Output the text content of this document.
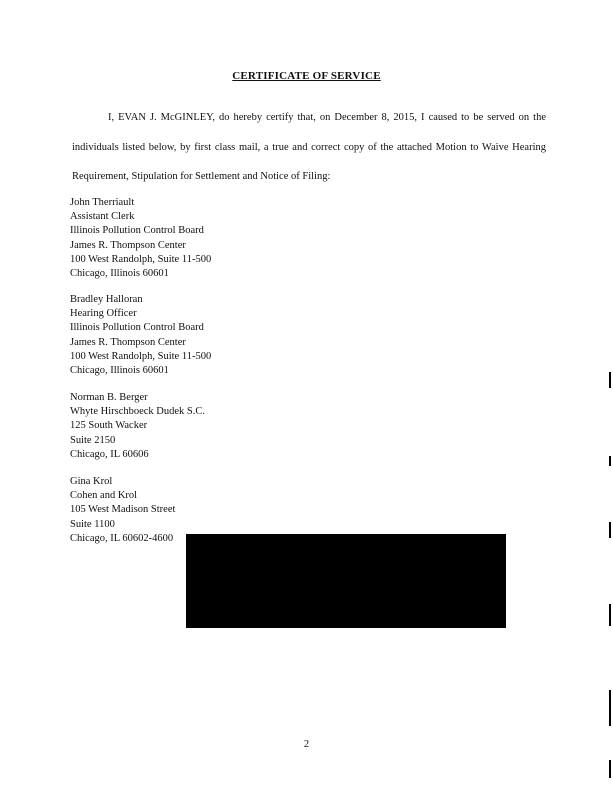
CERTIFICATE OF SERVICE
I, EVAN J. McGINLEY, do hereby certify that, on December 8, 2015, I caused to be served on the individuals listed below, by first class mail, a true and correct copy of the attached Motion to Waive Hearing Requirement, Stipulation for Settlement and Notice of Filing:
John Therriault
Assistant Clerk
Illinois Pollution Control Board
James R. Thompson Center
100 West Randolph, Suite 11-500
Chicago, Illinois 60601
Bradley Halloran
Hearing Officer
Illinois Pollution Control Board
James R. Thompson Center
100 West Randolph, Suite 11-500
Chicago, Illinois 60601
Norman B. Berger
Whyte Hirschboeck Dudek S.C.
125 South Wacker
Suite 2150
Chicago, IL 60606
Gina Krol
Cohen and Krol
105 West Madison Street
Suite 1100
Chicago, IL 60602-4600
2
